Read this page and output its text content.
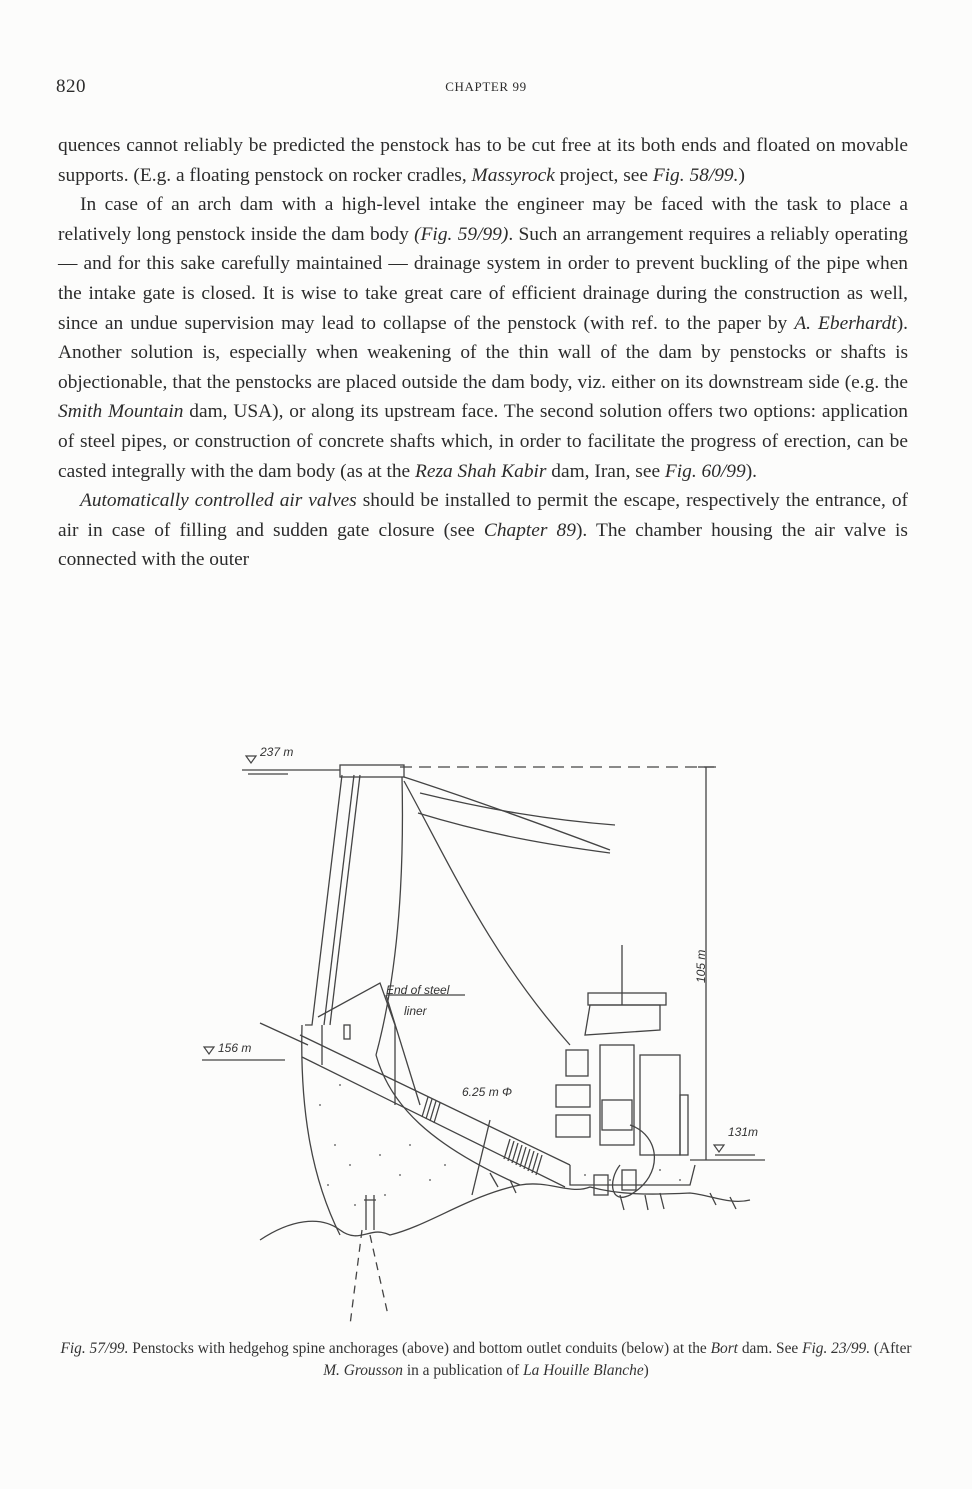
820	CHAPTER 99

quences cannot reliably be predicted the penstock has to be cut free at its both ends and floated on movable supports. (E.g. a floating penstock on rocker cradles, Massyrock project, see Fig. 58/99.)

In case of an arch dam with a high-level intake the engineer may be faced with the task to place a relatively long penstock inside the dam body (Fig. 59/99). Such an arrangement requires a reliably operating — and for this sake carefully maintained — drainage system in order to prevent buckling of the pipe when the intake gate is closed. It is wise to take great care of efficient drainage during the construction as well, since an undue supervision may lead to collapse of the penstock (with ref. to the paper by A. Eberhardt). Another solution is, especially when weakening of the thin wall of the dam by penstocks or shafts is objectionable, that the penstocks are placed outside the dam body, viz. either on its downstream side (e.g. the Smith Mountain dam, USA), or along its upstream face. The second solution offers two options: application of steel pipes, or construction of concrete shafts which, in order to facilitate the progress of erection, can be casted integrally with the dam body (as at the Reza Shah Kabir dam, Iran, see Fig. 60/99).

Automatically controlled air valves should be installed to permit the escape, respectively the entrance, of air in case of filling and sudden gate closure (see Chapter 89). The chamber housing the air valve is connected with the outer

237 m
156 m
131m
105 m
6.25 m Φ
End of steel
liner
Fig. 57/99. Penstocks with hedgehog spine anchorages (above) and bottom outlet conduits (below) at the Bort dam. See Fig. 23/99. (After M. Grousson in a publication of La Houille Blanche)
